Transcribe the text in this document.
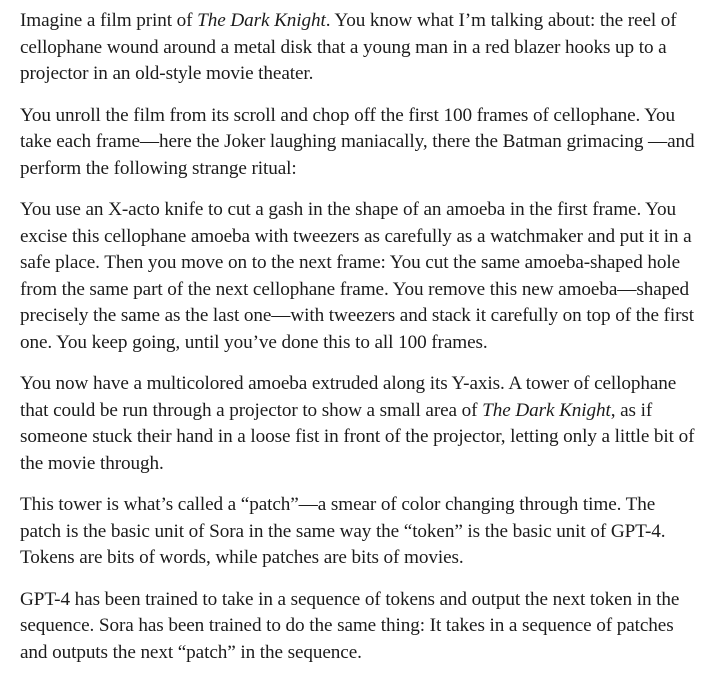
Imagine a film print of The Dark Knight. You know what I’m talking about: the reel of cellophane wound around a metal disk that a young man in a red blazer hooks up to a projector in an old-style movie theater.

You unroll the film from its scroll and chop off the first 100 frames of cellophane. You take each frame—here the Joker laughing maniacally, there the Batman grimacing —and perform the following strange ritual:

You use an X-acto knife to cut a gash in the shape of an amoeba in the first frame. You excise this cellophane amoeba with tweezers as carefully as a watchmaker and put it in a safe place. Then you move on to the next frame: You cut the same amoeba-shaped hole from the same part of the next cellophane frame. You remove this new amoeba—shaped precisely the same as the last one—with tweezers and stack it carefully on top of the first one. You keep going, until you’ve done this to all 100 frames.

You now have a multicolored amoeba extruded along its Y-axis. A tower of cellophane that could be run through a projector to show a small area of The Dark Knight, as if someone stuck their hand in a loose fist in front of the projector, letting only a little bit of the movie through.

This tower is what’s called a “patch”—a smear of color changing through time. The patch is the basic unit of Sora in the same way the “token” is the basic unit of GPT-4. Tokens are bits of words, while patches are bits of movies.

GPT-4 has been trained to take in a sequence of tokens and output the next token in the sequence. Sora has been trained to do the same thing: It takes in a sequence of patches and outputs the next “patch” in the sequence.
